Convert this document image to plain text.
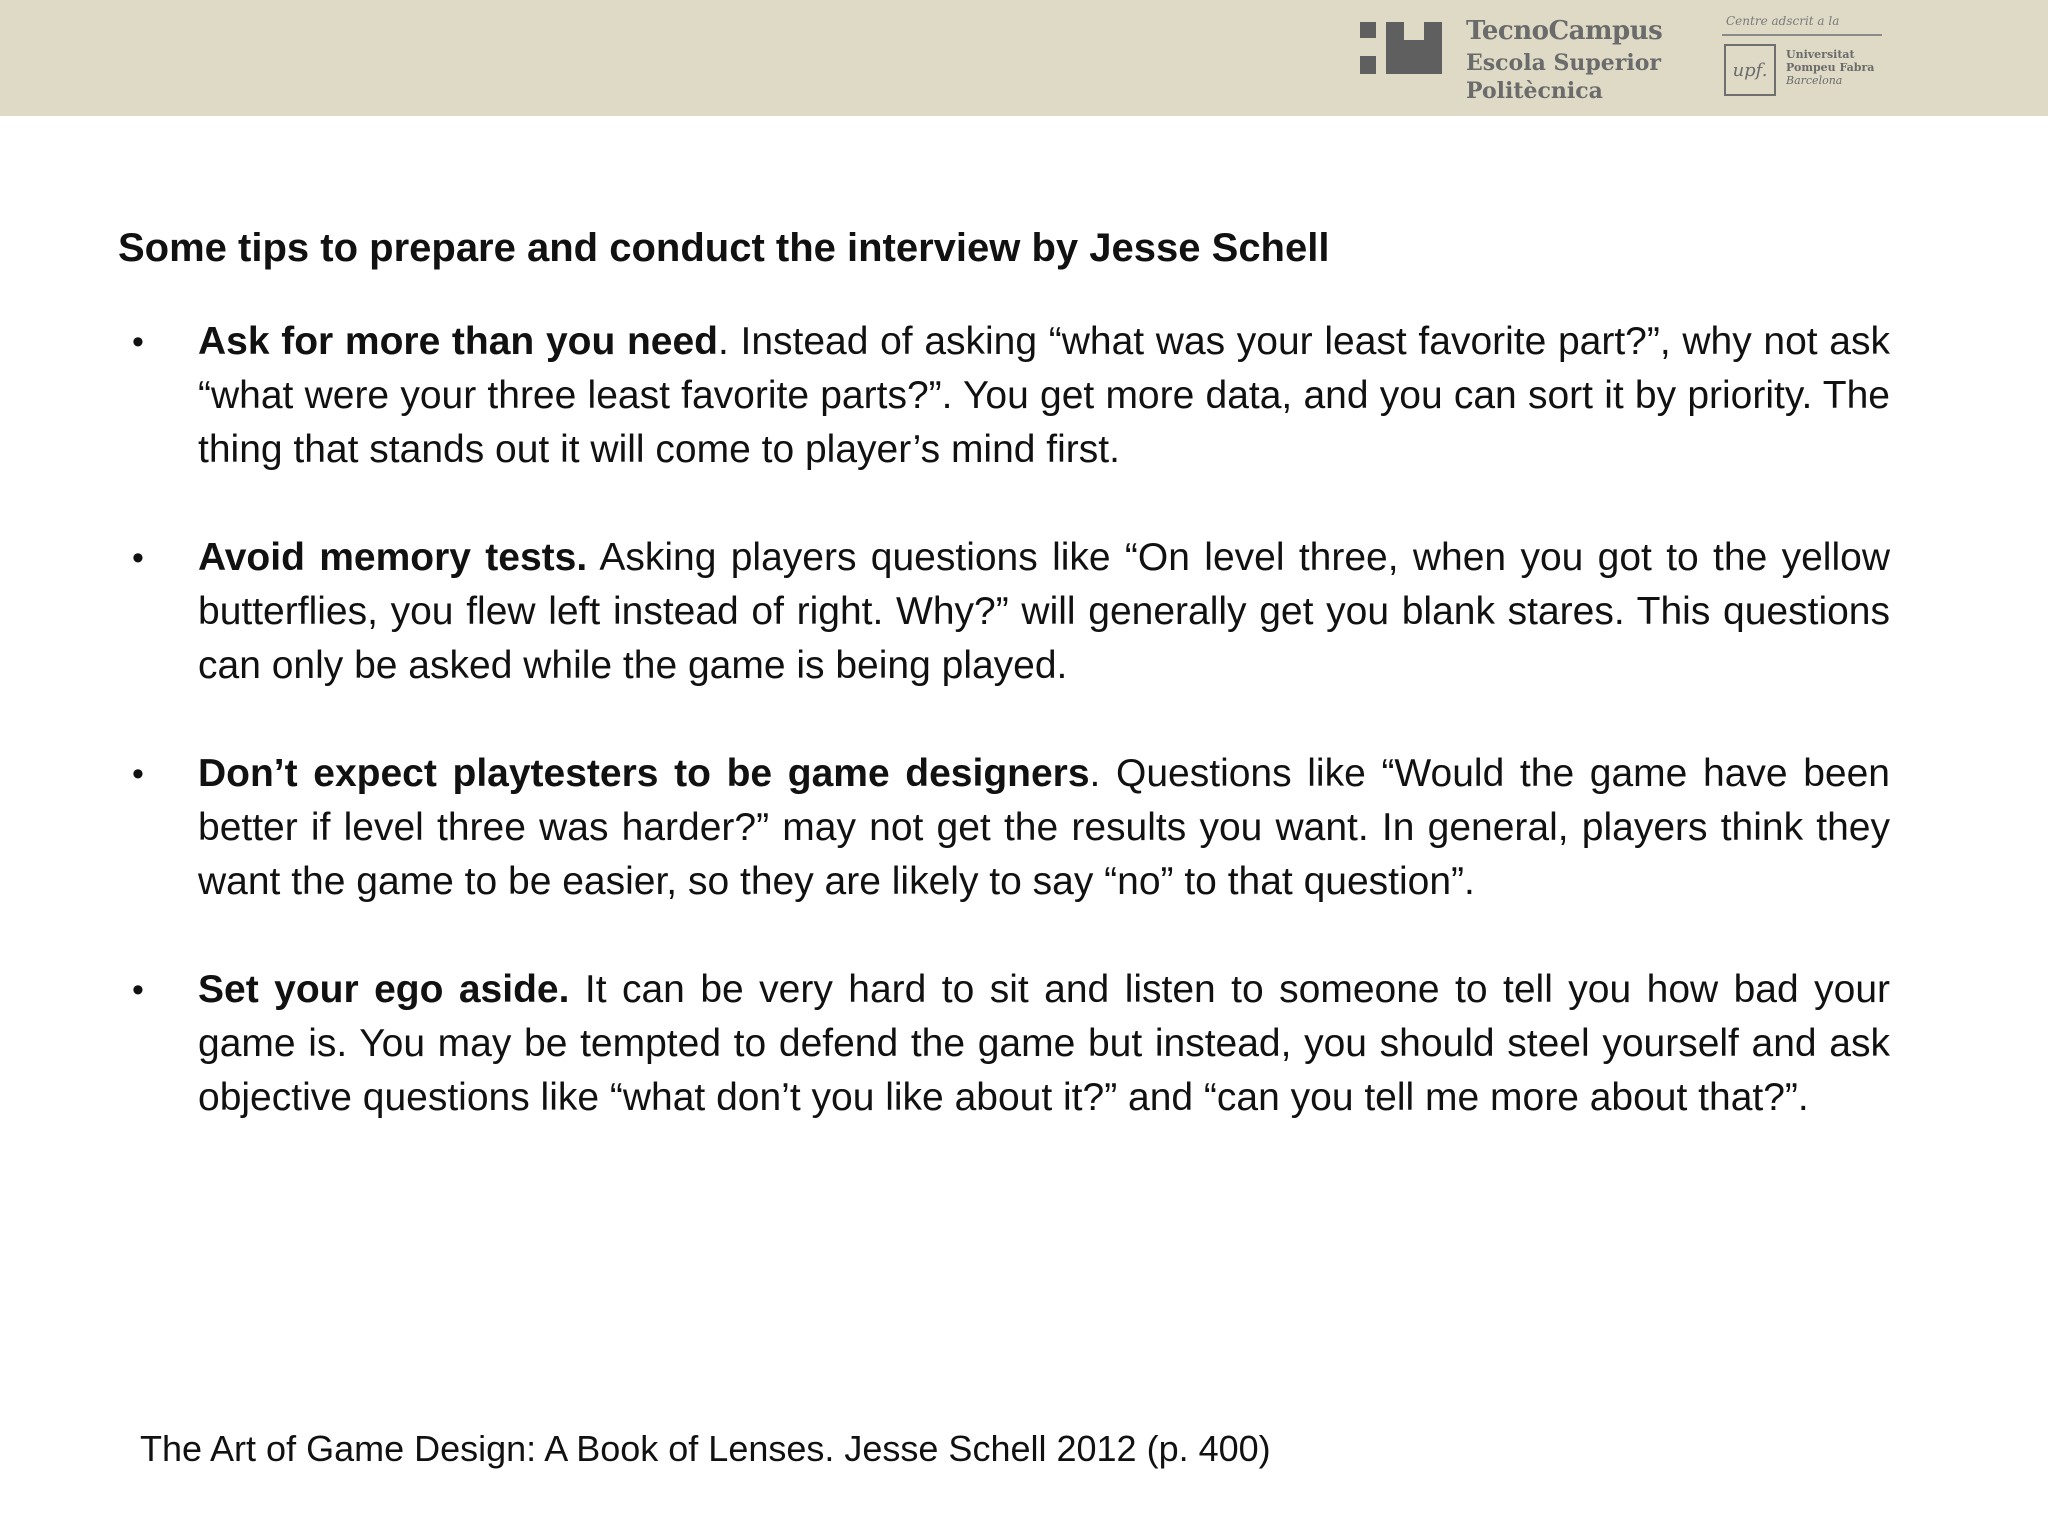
TecnoCampus
Escola Superior
Politècnica
Centre adscrit a la
upf.
Universitat
Pompeu Fabra
Barcelona
Some tips to prepare and conduct the interview by Jesse Schell
• Ask for more than you need. Instead of asking “what was your least favorite part?”, why not ask “what were your three least favorite parts?”. You get more data, and you can sort it by priority. The thing that stands out it will come to player’s mind first.
• Avoid memory tests. Asking players questions like “On level three, when you got to the yellow butterflies, you flew left instead of right. Why?” will generally get you blank stares. This questions can only be asked while the game is being played.
• Don’t expect playtesters to be game designers. Questions like “Would the game have been better if level three was harder?” may not get the results you want. In general, players think they want the game to be easier, so they are likely to say “no” to that question”.
• Set your ego aside. It can be very hard to sit and listen to someone to tell you how bad your game is. You may be tempted to defend the game but instead, you should steel yourself and ask objective questions like “what don’t you like about it?” and “can you tell me more about that?”.
The Art of Game Design: A Book of Lenses. Jesse Schell 2012 (p. 400)
